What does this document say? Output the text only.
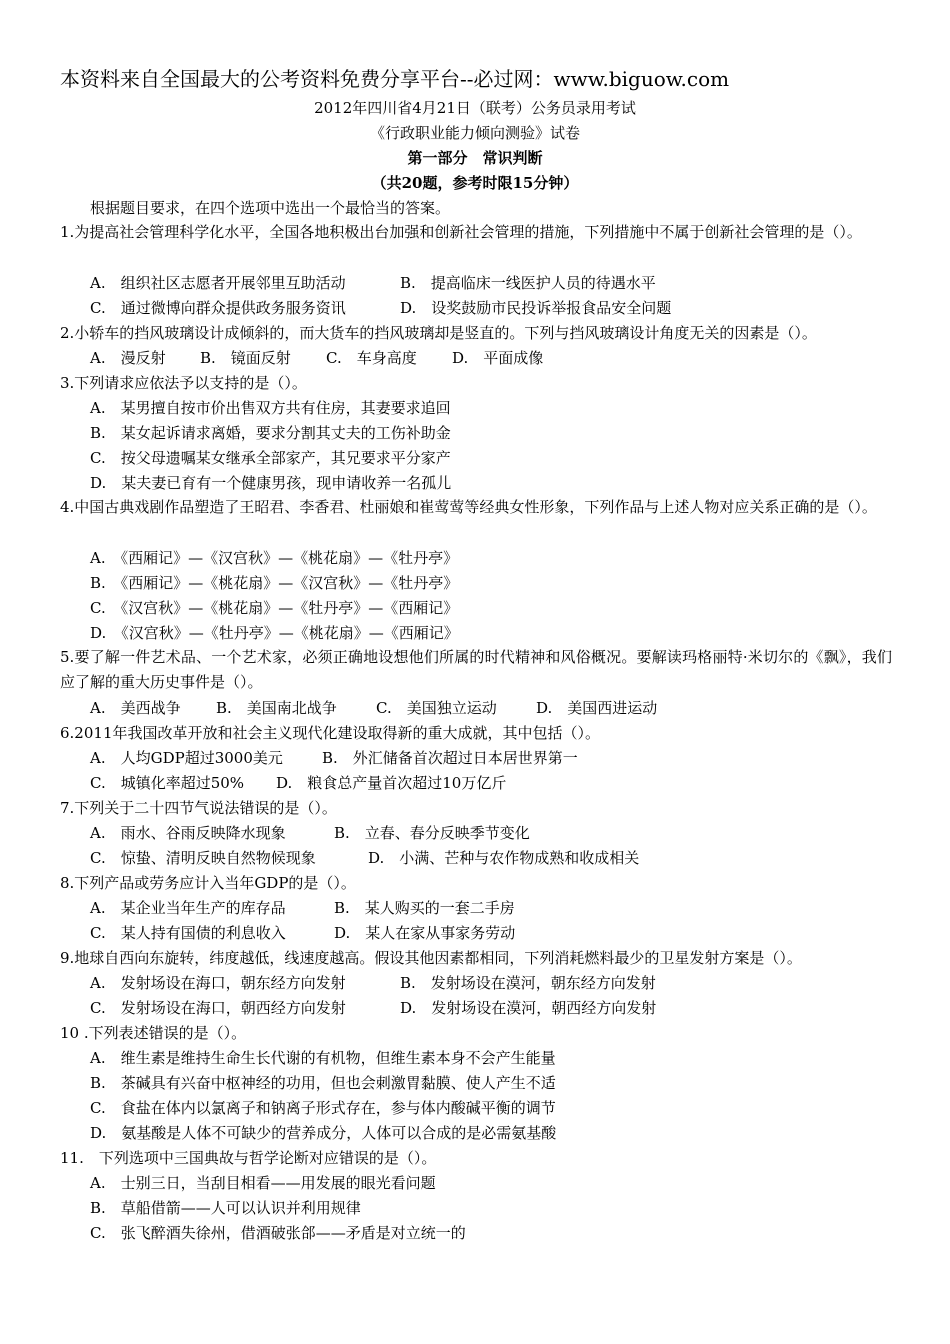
本资料来自全国最大的公考资料免费分享平台--必过网：www.biguow.com
2012年四川省4月21日（联考）公务员录用考试
《行政职业能力倾向测验》试卷
第一部分　常识判断
（共20题，参考时限15分钟）
根据题目要求，在四个选项中选出一个最恰当的答案。
1.为提高社会管理科学化水平，全国各地积极出台加强和创新社会管理的措施，下列措施中不属于创新社会管理的是（）。
A.　组织社区志愿者开展邻里互助活动	B.　提高临床一线医护人员的待遇水平
C.　通过微博向群众提供政务服务资讯	D.　设奖鼓励市民投诉举报食品安全问题
2.小轿车的挡风玻璃设计成倾斜的，而大货车的挡风玻璃却是竖直的。下列与挡风玻璃设计角度无关的因素是（）。
A.　漫反射 B.　镜面反射 C.　车身高度 D.　平面成像
3.下列请求应依法予以支持的是（）。
A.　某男擅自按市价出售双方共有住房，其妻要求追回
B.　某女起诉请求离婚，要求分割其丈夫的工伤补助金
C.　按父母遗嘱某女继承全部家产，其兄要求平分家产
D.　某夫妻已育有一个健康男孩，现申请收养一名孤儿
4.中国古典戏剧作品塑造了王昭君、李香君、杜丽娘和崔莺莺等经典女性形象，下列作品与上述人物对应关系正确的是（）。
A.　《西厢记》—《汉宫秋》—《桃花扇》—《牡丹亭》
B.　《西厢记》—《桃花扇》—《汉宫秋》—《牡丹亭》
C.　《汉宫秋》—《桃花扇》—《牡丹亭》—《西厢记》
D.　《汉宫秋》—《牡丹亭》—《桃花扇》—《西厢记》
5.要了解一件艺术品、一个艺术家，必须正确地设想他们所属的时代精神和风俗概况。要解读玛格丽特·米切尔的《飘》，我们应了解的重大历史事件是（）。
A.　美西战争 B.　美国南北战争	C.　美国独立运动	D.　美国西进运动
6.2011年我国改革开放和社会主义现代化建设取得新的重大成就，其中包括（）。
A.　人均GDP超过3000美元	B.　外汇储备首次超过日本居世界第一
C.　城镇化率超过50% D.　粮食总产量首次超过10万亿斤
7.下列关于二十四节气说法错误的是（）。
A.　雨水、谷雨反映降水现象	B.　立春、春分反映季节变化
C.　惊蛰、清明反映自然物候现象	D.　小满、芒种与农作物成熟和收成相关
8.下列产品或劳务应计入当年GDP的是（）。
A.　某企业当年生产的库存品	B.　某人购买的一套二手房
C.　某人持有国债的利息收入	D.　某人在家从事家务劳动
9.地球自西向东旋转，纬度越低，线速度越高。假设其他因素都相同，下列消耗燃料最少的卫星发射方案是（）。
A.　发射场设在海口，朝东经方向发射	B.　发射场设在漠河，朝东经方向发射
C.　发射场设在海口，朝西经方向发射	D.　发射场设在漠河，朝西经方向发射
10 .下列表述错误的是（）。
A.　维生素是维持生命生长代谢的有机物，但维生素本身不会产生能量
B.　茶碱具有兴奋中枢神经的功用，但也会刺激胃黏膜、使人产生不适
C.　食盐在体内以氯离子和钠离子形式存在，参与体内酸碱平衡的调节
D.　氨基酸是人体不可缺少的营养成分，人体可以合成的是必需氨基酸
11.　下列选项中三国典故与哲学论断对应错误的是（）。
A.　士别三日，当刮目相看——用发展的眼光看问题
B.　草船借箭——人可以认识并利用规律
C.　张飞醉酒失徐州，借酒破张郃——矛盾是对立统一的
